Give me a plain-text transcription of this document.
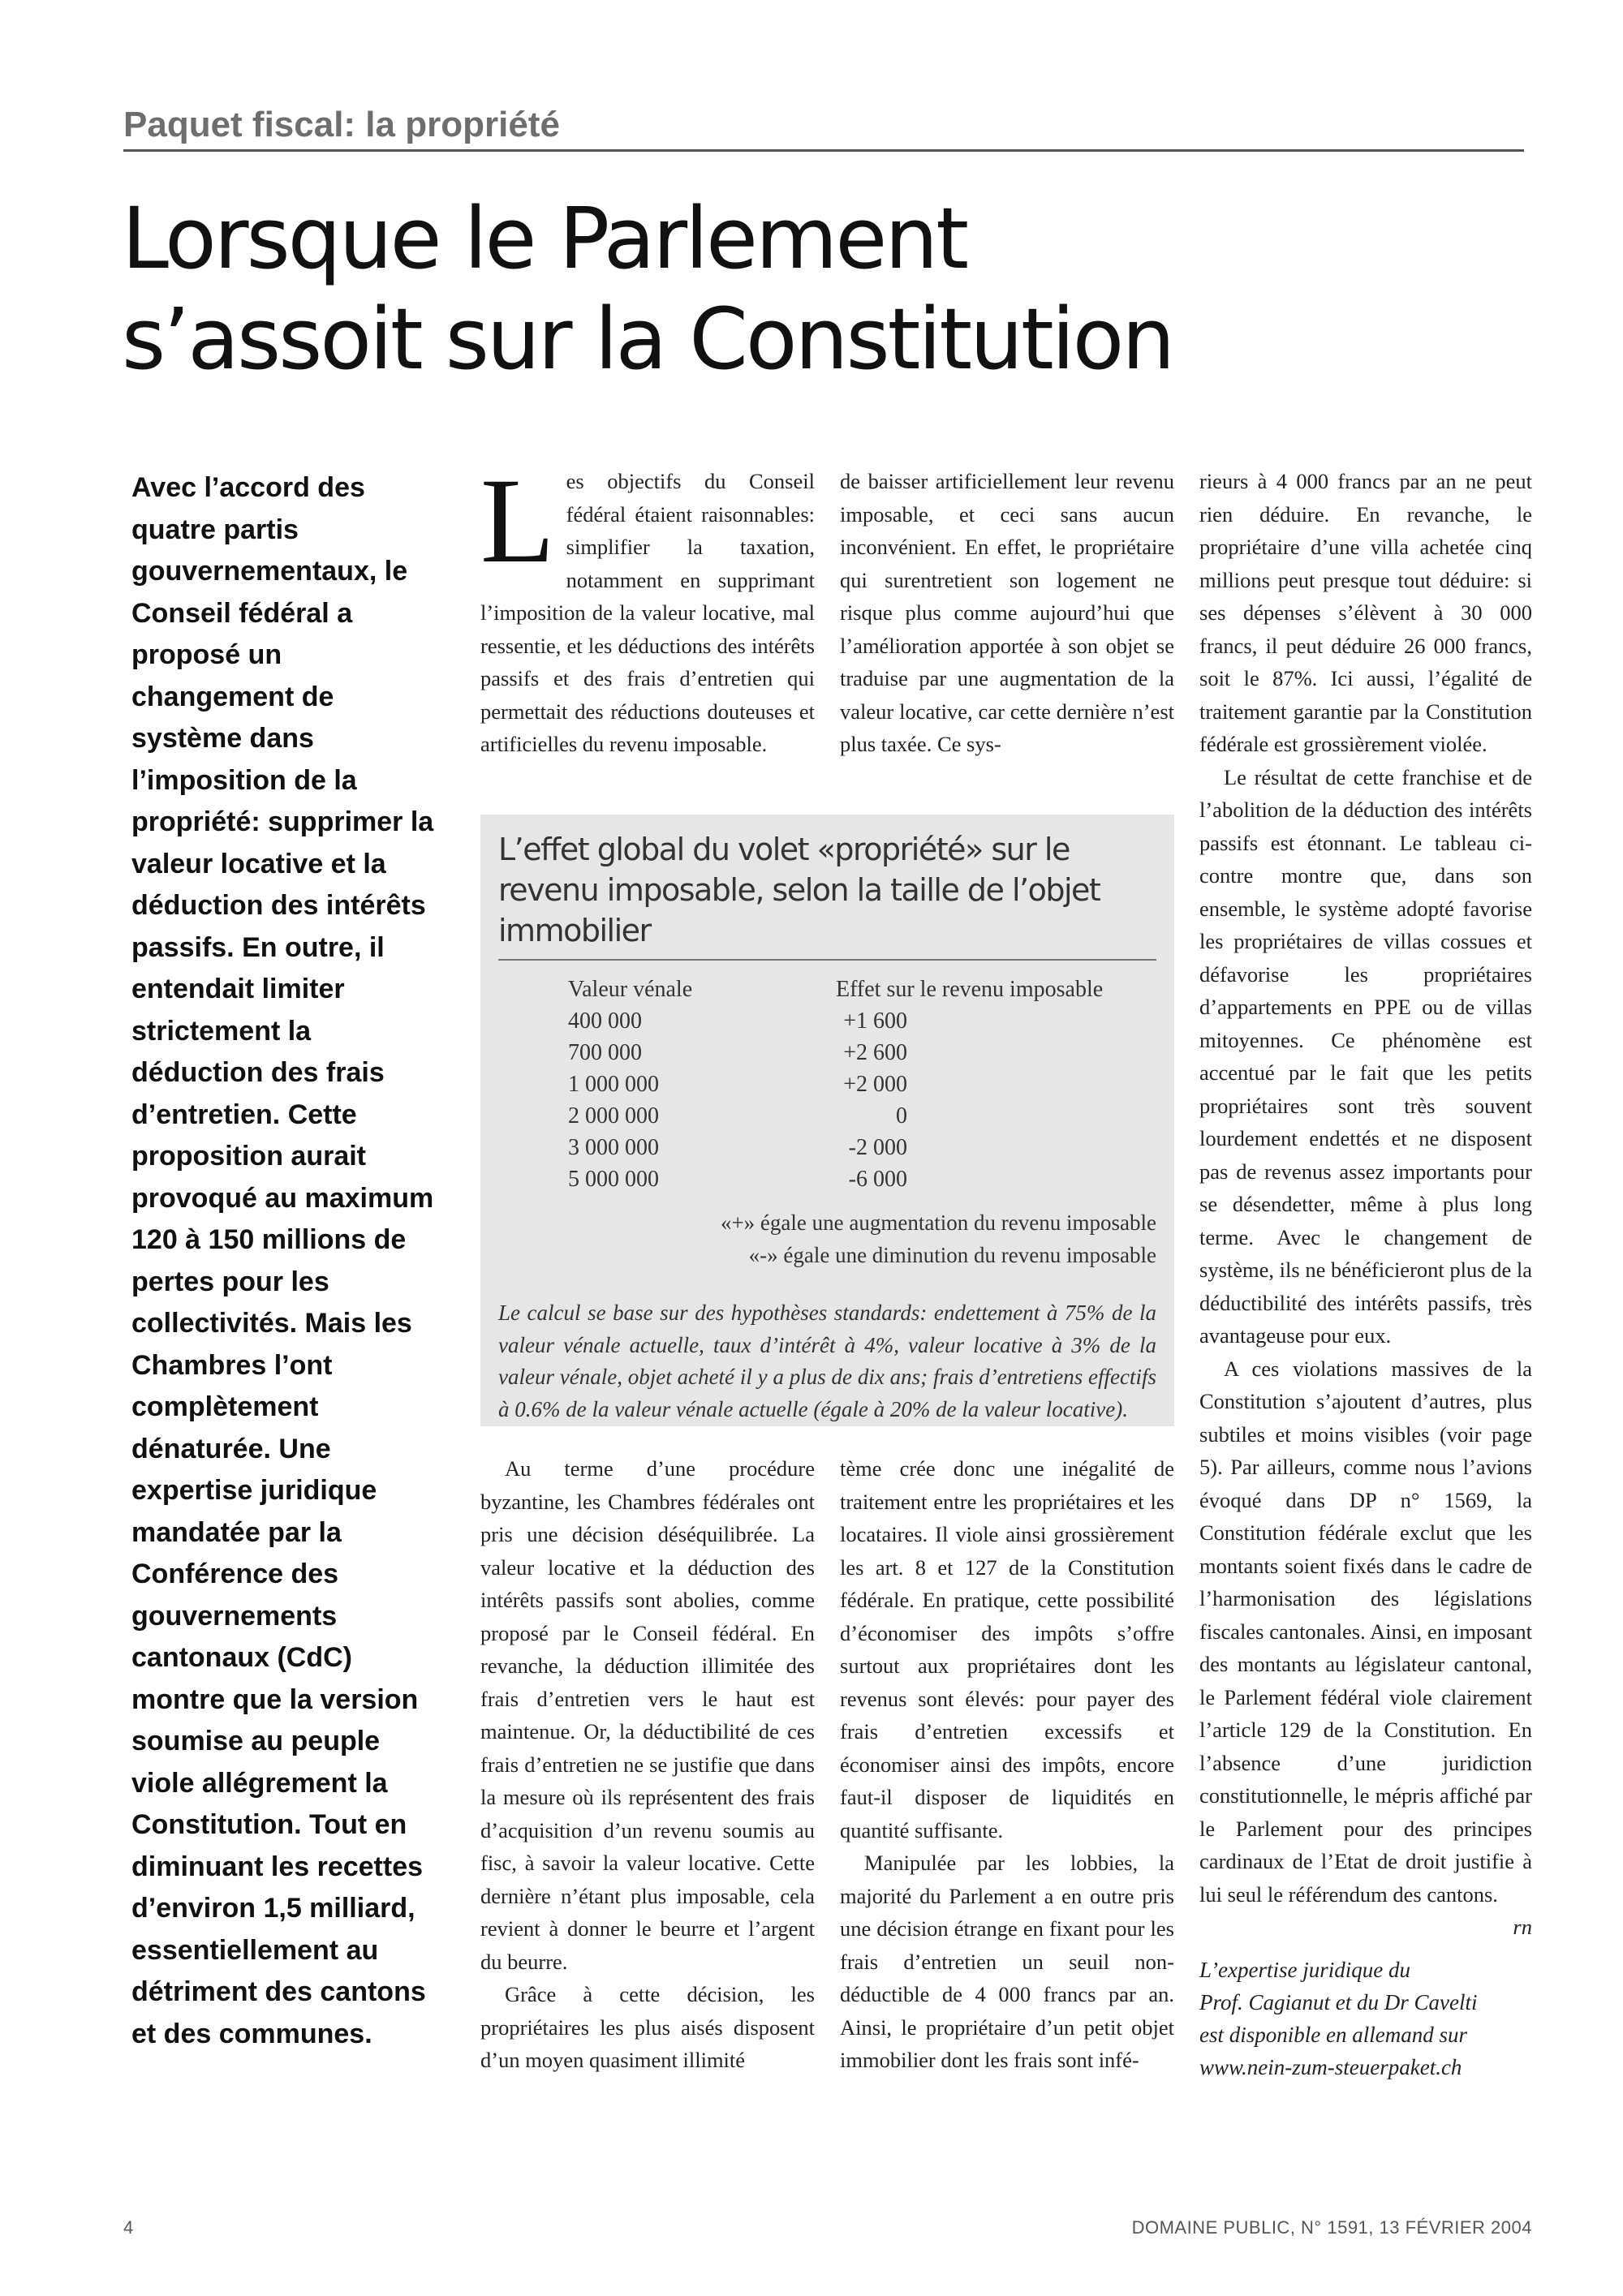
Paquet fiscal: la propriété
Lorsque le Parlement
s’assoit sur la Constitution
Avec l’accord des quatre partis gouvernementaux, le Conseil fédéral a proposé un changement de système dans l’imposition de la propriété: supprimer la valeur locative et la déduction des intérêts passifs. En outre, il entendait limiter strictement la déduction des frais d’entretien. Cette proposition aurait provoqué au maximum 120 à 150 millions de pertes pour les collectivités. Mais les Chambres l’ont complètement dénaturée. Une expertise juridique mandatée par la Conférence des gouvernements cantonaux (CdC) montre que la version soumise au peuple viole allégrement la Constitution. Tout en diminuant les recettes d’environ 1,5 milliard, essentiellement au détriment des cantons et des communes.

Les objectifs du Conseil fédéral étaient raisonnables: simplifier la taxation, notamment en supprimant l’imposition de la valeur locative, mal ressentie, et les déductions des intérêts passifs et des frais d’entretien qui permettait des réductions douteuses et artificielles du revenu imposable.

de baisser artificiellement leur revenu imposable, et ceci sans aucun inconvénient. En effet, le propriétaire qui surentretient son logement ne risque plus comme aujourd’hui que l’amélioration apportée à son objet se traduise par une augmentation de la valeur locative, car cette dernière n’est plus taxée. Ce sys-

rieurs à 4 000 francs par an ne peut rien déduire. En revanche, le propriétaire d’une villa achetée cinq millions peut presque tout déduire: si ses dépenses s’élèvent à 30 000 francs, il peut déduire 26 000 francs, soit le 87%. Ici aussi, l’égalité de traitement garantie par la Constitution fédérale est grossièrement violée.

Le résultat de cette franchise et de l’abolition de la déduction des intérêts passifs est étonnant. Le tableau ci-contre montre que, dans son ensemble, le système adopté favorise les propriétaires de villas cossues et défavorise les propriétaires d’appartements en PPE ou de villas mitoyennes. Ce phénomène est accentué par le fait que les petits propriétaires sont très souvent lourdement endettés et ne disposent pas de revenus assez importants pour se désendetter, même à plus long terme. Avec le changement de système, ils ne bénéficieront plus de la déductibilité des intérêts passifs, très avantageuse pour eux.

A ces violations massives de la Constitution s’ajoutent d’autres, plus subtiles et moins visibles (voir page 5). Par ailleurs, comme nous l’avions évoqué dans DP n° 1569, la Constitution fédérale exclut que les montants soient fixés dans le cadre de l’harmonisation des législations fiscales cantonales. Ainsi, en imposant des montants au législateur cantonal, le Parlement fédéral viole clairement l’article 129 de la Constitution. En l’absence d’une juridiction constitutionnelle, le mépris affiché par le Parlement pour des principes cardinaux de l’Etat de droit justifie à lui seul le référendum des cantons.
rn

L’effet global du volet «propriété» sur le revenu imposable, selon la taille de l’objet immobilier
Valeur vénale	Effet sur le revenu imposable
400 000	+1 600
700 000	+2 600
1 000 000	+2 000
2 000 000	0
3 000 000	-2 000
5 000 000	-6 000
«+» égale une augmentation du revenu imposable
«-» égale une diminution du revenu imposable
Le calcul se base sur des hypothèses standards: endettement à 75% de la valeur vénale actuelle, taux d’intérêt à 4%, valeur locative à 3% de la valeur vénale, objet acheté il y a plus de dix ans; frais d’entretiens effectifs à 0.6% de la valeur vénale actuelle (égale à 20% de la valeur locative).

Au terme d’une procédure byzantine, les Chambres fédérales ont pris une décision déséquilibrée. La valeur locative et la déduction des intérêts passifs sont abolies, comme proposé par le Conseil fédéral. En revanche, la déduction illimitée des frais d’entretien vers le haut est maintenue. Or, la déductibilité de ces frais d’entretien ne se justifie que dans la mesure où ils représentent des frais d’acquisition d’un revenu soumis au fisc, à savoir la valeur locative. Cette dernière n’étant plus imposable, cela revient à donner le beurre et l’argent du beurre.

Grâce à cette décision, les propriétaires les plus aisés disposent d’un moyen quasiment illimité

tème crée donc une inégalité de traitement entre les propriétaires et les locataires. Il viole ainsi grossièrement les art. 8 et 127 de la Constitution fédérale. En pratique, cette possibilité d’économiser des impôts s’offre surtout aux propriétaires dont les revenus sont élevés: pour payer des frais d’entretien excessifs et économiser ainsi des impôts, encore faut-il disposer de liquidités en quantité suffisante.

Manipulée par les lobbies, la majorité du Parlement a en outre pris une décision étrange en fixant pour les frais d’entretien un seuil non-déductible de 4 000 francs par an. Ainsi, le propriétaire d’un petit objet immobilier dont les frais sont infé-

L’expertise juridique du
Prof. Cagianut et du Dr Cavelti
est disponible en allemand sur
www.nein-zum-steuerpaket.ch
4	DOMAINE PUBLIC, N° 1591, 13 FÉVRIER 2004
